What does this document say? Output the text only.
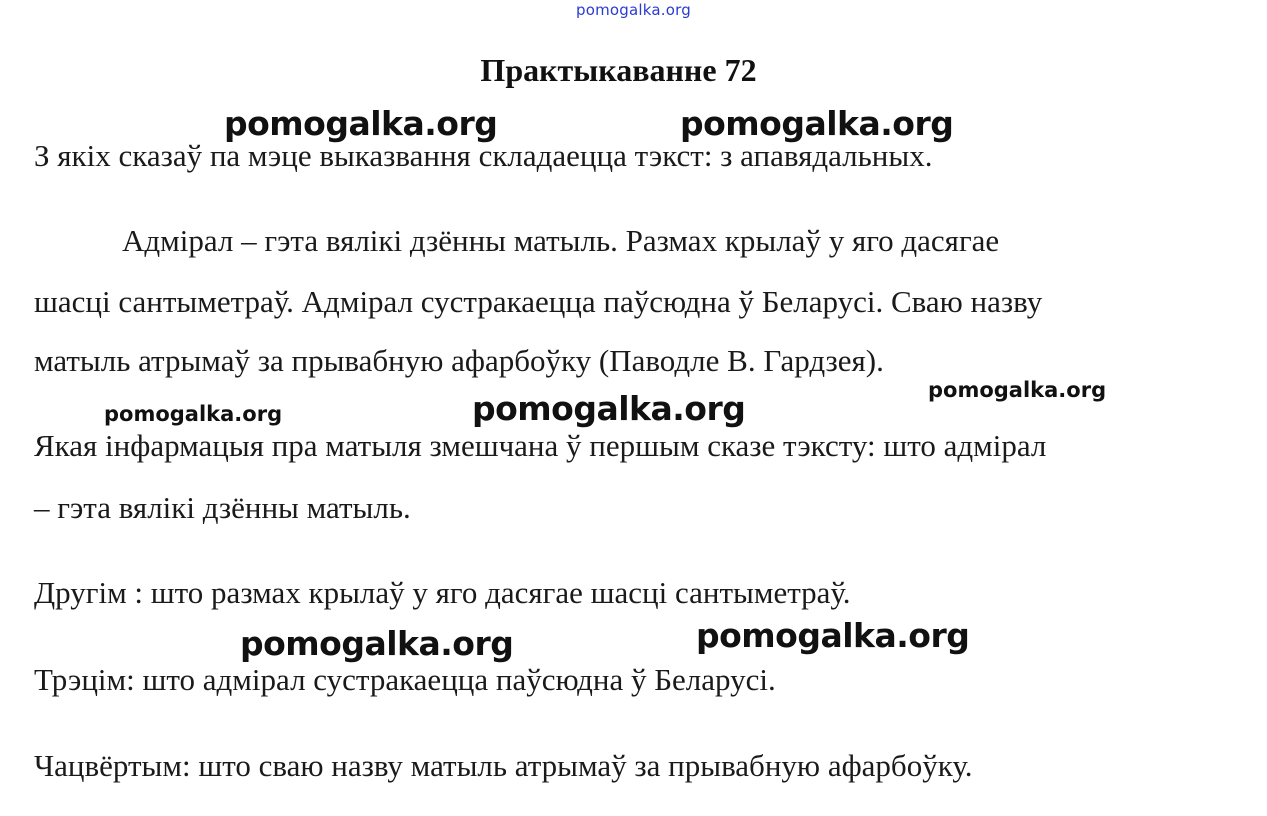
pomogalka.org
Практыкаванне 72
З якіх сказаў па мэце выказвання складаецца тэкст: з апавядальных.
Адмірал – гэта вялікі дзённы матыль. Размах крылаў у яго дасягае
шасці сантыметраў. Адмірал сустракаецца паўсюдна ў Беларусі. Сваю назву
матыль атрымаў за прывабную афарбоўку (Паводле В. Гардзея).
Якая інфармацыя пра матыля змешчана ў першым сказе тэксту: што адмірал
– гэта вялікі дзённы матыль.
Другім : што размах крылаў у яго дасягае шасці сантыметраў.
Трэцім: што адмірал сустракаецца паўсюдна ў Беларусі.
Чацвёртым: што сваю назву матыль атрымаў за прывабную афарбоўку.
pomogalka.org	pomogalka.org
pomogalka.org	pomogalka.org	pomogalka.org
pomogalka.org	pomogalka.org
